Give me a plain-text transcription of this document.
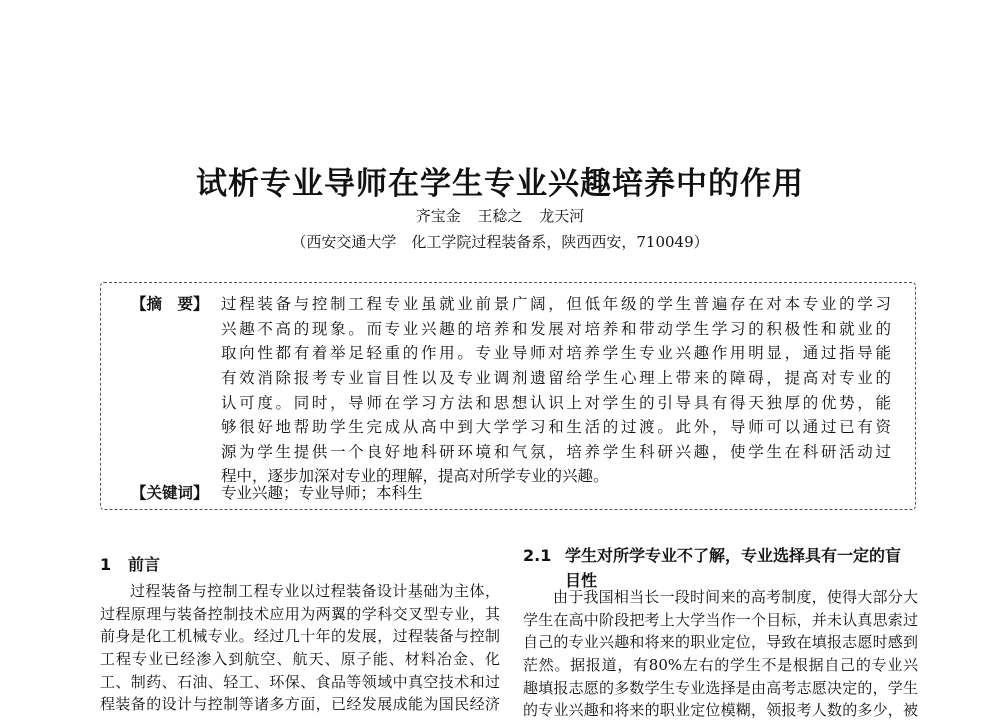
试析专业导师在学生专业兴趣培养中的作用
齐宝金 王稔之 龙天河
（西安交通大学　化工学院过程装备系，陕西西安，710049）
【摘　要】 过程装备与控制工程专业虽就业前景广阔，但低年级的学生普遍存在对本专业的学习
兴趣不高的现象。而专业兴趣的培养和发展对培养和带动学生学习的积极性和就业的
取向性都有着举足轻重的作用。专业导师对培养学生专业兴趣作用明显，通过指导能
有效消除报考专业盲目性以及专业调剂遗留给学生心理上带来的障碍，提高对专业的
认可度。同时，导师在学习方法和思想认识上对学生的引导具有得天独厚的优势，能
够很好地帮助学生完成从高中到大学学习和生活的过渡。此外，导师可以通过已有资
源为学生提供一个良好地科研环境和气氛，培养学生科研兴趣，使学生在科研活动过
程中，逐步加深对专业的理解，提高对所学专业的兴趣。
【关键词】 专业兴趣；专业导师；本科生
1 前言
过程装备与控制工程专业以过程装备设计基础为主体，
过程原理与装备控制技术应用为两翼的学科交叉型专业，其
前身是化工机械专业。经过几十年的发展，过程装备与控制
工程专业已经渗入到航空、航天、原子能、材料冶金、化
工、制药、石油、轻工、环保、食品等领域中真空技术和过
程装备的设计与控制等诸多方面，已经发展成能为国民经济
2.1 学生对所学专业不了解，专业选择具有一定的盲
目性
由于我国相当长一段时间来的高考制度，使得大部分大
学生在高中阶段把考上大学当作一个目标，并未认真思索过
自己的专业兴趣和将来的职业定位，导致在填报志愿时感到
茫然。据报道，有80%左右的学生不是根据自己的专业兴
趣填报志愿的多数学生专业选择是由高考志愿决定的，学生
的专业兴趣和将来的职业定位模糊，领报考人数的多少，被
